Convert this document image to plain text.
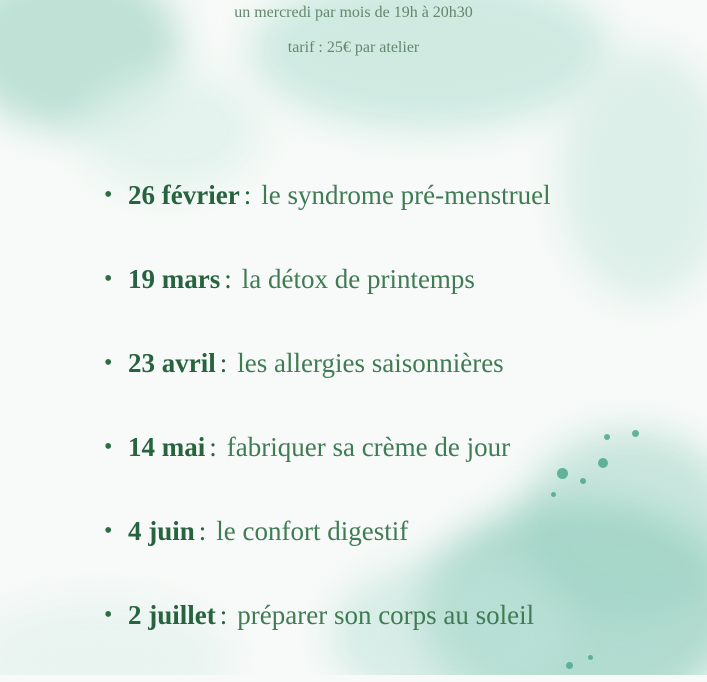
un mercredi par mois de 19h à 20h30
tarif : 25€ par atelier
• 26 février : le syndrome pré-menstruel
• 19 mars : la détox de printemps
• 23 avril : les allergies saisonnières
• 14 mai : fabriquer sa crème de jour
• 4 juin : le confort digestif
• 2 juillet : préparer son corps au soleil
